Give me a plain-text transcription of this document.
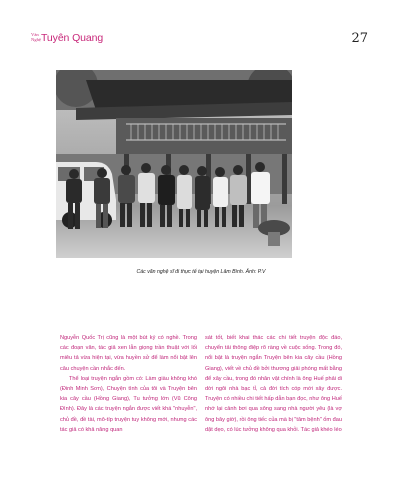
Văn
Nghệ Tuyên Quang	27
Các văn nghệ sĩ đi thực tế tại huyện Lâm Bình. Ảnh: P.V

Nguyễn Quốc Trị cũng là một bút ký có nghề. Trong các đoạn văn, tác giả xen lẫn giọng trần thuật với lối miêu tả vừa hiện tại, vừa huyền sử để làm nổi bật lên câu chuyện cần nhắc đến.

Thể loại truyện ngắn gồm có: Làm giàu không khó (Đinh Minh Sơn), Chuyện tình của tôi và Truyện bên kia cây cầu (Hồng Giang), Tu tưởng lớn (Vũ Công Đình). Đây là các truyện ngắn được viết khá "nhuyễn", chủ đề, đề tài, mô-típ truyện tuy không mới, nhưng các tác giả có khả năng quan

sát tốt, biết khai thác các chi tiết truyện độc đáo, chuyển tải thông điệp rõ ràng về cuộc sống. Trong đó, nổi bật là truyện ngắn Truyện bên kia cây cầu (Hồng Giang), viết về chủ đề bởi thương giải phóng mất bằng để xây cầu, trong đó nhân vật chính là ông Huế phải di dời ngôi nhà bạc tỉ, cả đời tích cóp mới xây được. Truyện có nhiều chi tiết hấp dẫn bạn đọc, như ông Huế nhớ lại cảnh bơi qua sông sang nhà người yêu (là vợ ông bây giờ), rồi ông tiếc của mà bị "tâm bệnh" ốm đau dặt dẹo, có lúc tưởng không qua khỏi. Tác giả khéo léo
